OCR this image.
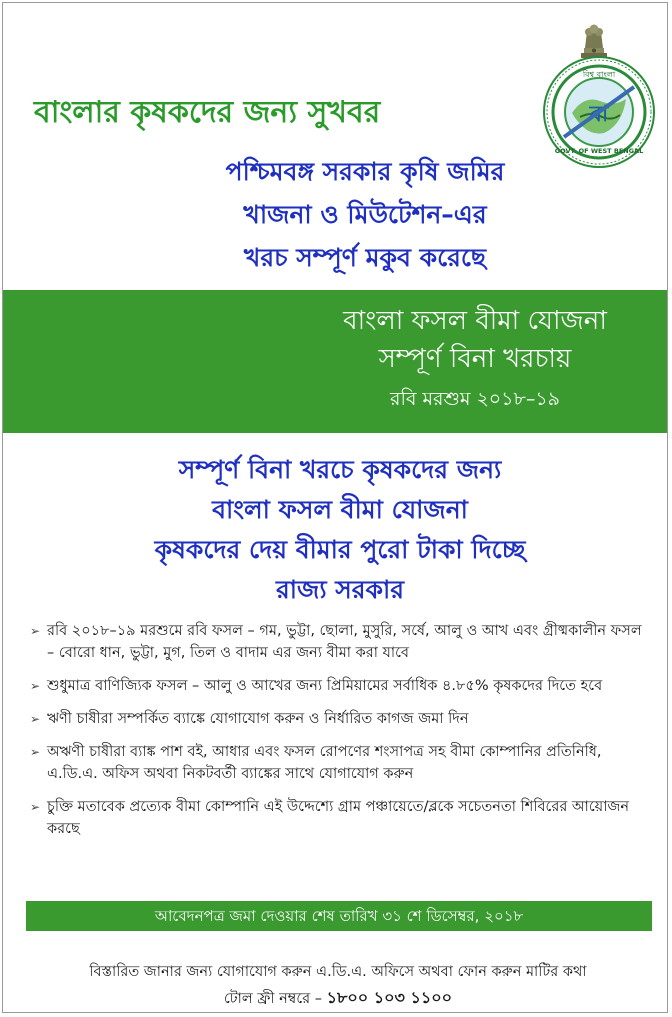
বা
বিশ্ব বাংলা
GOVT. OF WEST BENGAL
বাংলার কৃষকদের জন্য সুখবর
পশ্চিমবঙ্গ সরকার কৃষি জমির
খাজনা ও মিউটেশন–এর
খরচ সম্পূর্ণ মকুব করেছে
বাংলা ফসল বীমা যোজনা
সম্পূর্ণ বিনা খরচায়
রবি মরশুম ২০১৮–১৯
সম্পূর্ণ বিনা খরচে কৃষকদের জন্য
বাংলা ফসল বীমা যোজনা
কৃষকদের দেয় বীমার পুরো টাকা দিচ্ছে
রাজ্য সরকার
➢ রবি ২০১৮–১৯ মরশুমে রবি ফসল – গম, ভুট্টা, ছোলা, মুসুরি, সর্ষে, আলু ও আখ এবং গ্রীষ্মকালীন ফসল – বোরো ধান, ভুট্টা, মুগ, তিল ও বাদাম এর জন্য বীমা করা যাবে
➢ শুধুমাত্র বাণিজ্যিক ফসল – আলু ও আখের জন্য প্রিমিয়ামের সর্বাধিক ৪.৮৫% কৃষকদের দিতে হবে
➢ ঋণী চাষীরা সম্পর্কিত ব্যাঙ্কে যোগাযোগ করুন ও নির্ধারিত কাগজ জমা দিন
➢ অঋণী চাষীরা ব্যাঙ্ক পাশ বই, আধার এবং ফসল রোপণের শংসাপত্র সহ বীমা কোম্পানির প্রতিনিধি, এ.ডি.এ. অফিস অথবা নিকটবর্তী ব্যাঙ্কের সাথে যোগাযোগ করুন
➢ চুক্তি মতাবেক প্রত্যেক বীমা কোম্পানি এই উদ্দেশ্যে গ্রাম পঞ্চায়েতে/ব্লকে সচেতনতা শিবিরের আয়োজন করছে
আবেদনপত্র জমা দেওয়ার শেষ তারিখ ৩১ শে ডিসেম্বর, ২০১৮
বিস্তারিত জানার জন্য যোগাযোগ করুন এ.ডি.এ. অফিসে অথবা ফোন করুন মাটির কথা
টোল ফ্রী নম্বরে – ১৮০০ ১০৩ ১১০০
